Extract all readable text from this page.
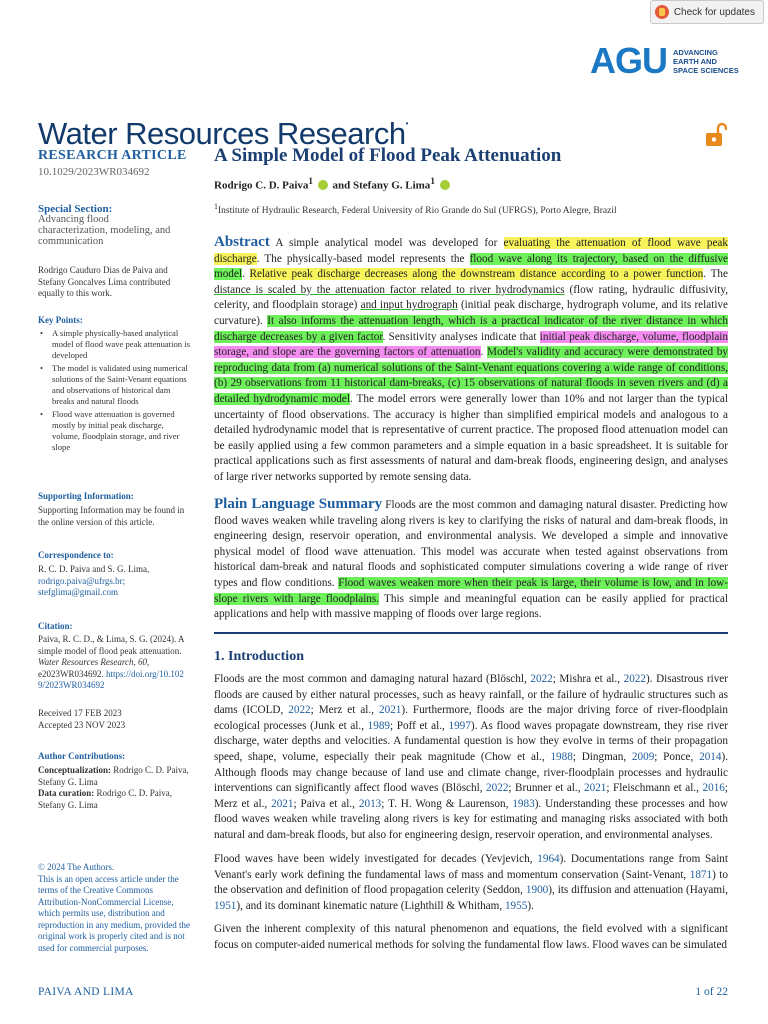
Check for updates
AGU ADVANCING
EARTH AND
SPACE SCIENCES
Water Resources Research•
RESEARCH ARTICLE
10.1029/2023WR034692
Special Section:
Advancing flood characterization, modeling, and communication
Rodrigo Cauduro Dias de Paiva and Stefany Goncalves Lima contributed equally to this work.
Key Points:
• A simple physically-based analytical model of flood wave peak attenuation is developed
• The model is validated using numerical solutions of the Saint-Venant equations and observations of historical dam breaks and natural floods
• Flood wave attenuation is governed mostly by initial peak discharge, volume, floodplain storage, and river slope
Supporting Information:
Supporting Information may be found in the online version of this article.
Correspondence to:
R. C. D. Paiva and S. G. Lima,
rodrigo.paiva@ufrgs.br;
stefglima@gmail.com
Citation:
Paiva, R. C. D., & Lima, S. G. (2024). A simple model of flood peak attenuation. Water Resources Research, 60, e2023WR034692. https://doi.org/10.1029/2023WR034692
Received 17 FEB 2023
Accepted 23 NOV 2023
Author Contributions:
Conceptualization: Rodrigo C. D. Paiva, Stefany G. Lima
Data curation: Rodrigo C. D. Paiva, Stefany G. Lima
© 2024 The Authors.
This is an open access article under the terms of the Creative Commons Attribution-NonCommercial License, which permits use, distribution and reproduction in any medium, provided the original work is properly cited and is not used for commercial purposes.
A Simple Model of Flood Peak Attenuation
Rodrigo C. D. Paiva$^1$ and Stefany G. Lima$^1$
$^1$Institute of Hydraulic Research, Federal University of Rio Grande do Sul (UFRGS), Porto Alegre, Brazil
Abstract A simple analytical model was developed for evaluating the attenuation of flood wave peak discharge. The physically-based model represents the flood wave along its trajectory, based on the diffusive model. Relative peak discharge decreases along the downstream distance according to a power function. The distance is scaled by the attenuation factor related to river hydrodynamics (flow rating, hydraulic diffusivity, celerity, and floodplain storage) and input hydrograph (initial peak discharge, hydrograph volume, and its relative curvature). It also informs the attenuation length, which is a practical indicator of the river distance in which discharge decreases by a given factor. Sensitivity analyses indicate that initial peak discharge, volume, floodplain storage, and slope are the governing factors of attenuation. Model's validity and accuracy were demonstrated by reproducing data from (a) numerical solutions of the Saint-Venant equations covering a wide range of conditions, (b) 29 observations from 11 historical dam-breaks, (c) 15 observations of natural floods in seven rivers and (d) a detailed hydrodynamic model. The model errors were generally lower than 10% and not larger than the typical uncertainty of flood observations. The accuracy is higher than simplified empirical models and analogous to a detailed hydrodynamic model that is representative of current practice. The proposed flood attenuation model can be easily applied using a few common parameters and a simple equation in a basic spreadsheet. It is suitable for practical applications such as first assessments of natural and dam-break floods, engineering design, and analyses of large river networks supported by remote sensing data.
Plain Language Summary Floods are the most common and damaging natural disaster. Predicting how flood waves weaken while traveling along rivers is key to clarifying the risks of natural and dam-break floods, in engineering design, reservoir operation, and environmental analysis. We developed a simple and innovative physical model of flood wave attenuation. This model was accurate when tested against observations from historical dam-break and natural floods and sophisticated computer simulations covering a wide range of river types and flow conditions. Flood waves weaken more when their peak is large, their volume is low, and in low-slope rivers with large floodplains. This simple and meaningful equation can be easily applied for practical applications and help with massive mapping of floods over large regions.
1. Introduction
Floods are the most common and damaging natural hazard (Blöschl, 2022; Mishra et al., 2022). Disastrous river floods are caused by either natural processes, such as heavy rainfall, or the failure of hydraulic structures such as dams (ICOLD, 2022; Merz et al., 2021). Furthermore, floods are the major driving force of river-floodplain ecological processes (Junk et al., 1989; Poff et al., 1997). As flood waves propagate downstream, they rise river discharge, water depths and velocities. A fundamental question is how they evolve in terms of their propagation speed, shape, volume, especially their peak magnitude (Chow et al., 1988; Dingman, 2009; Ponce, 2014). Although floods may change because of land use and climate change, river-floodplain processes and hydraulic interventions can significantly affect flood waves (Blöschl, 2022; Brunner et al., 2021; Fleischmann et al., 2016; Merz et al., 2021; Paiva et al., 2013; T. H. Wong & Laurenson, 1983). Understanding these processes and how flood waves weaken while traveling along rivers is key for estimating and managing risks associated with both natural and dam-break floods, but also for engineering design, reservoir operation, and environmental analyses.
Flood waves have been widely investigated for decades (Yevjevich, 1964). Documentations range from Saint Venant's early work defining the fundamental laws of mass and momentum conservation (Saint-Venant, 1871) to the observation and definition of flood propagation celerity (Seddon, 1900), its diffusion and attenuation (Hayami, 1951), and its dominant kinematic nature (Lighthill & Whitham, 1955).
Given the inherent complexity of this natural phenomenon and equations, the field evolved with a significant focus on computer-aided numerical methods for solving the fundamental flow laws. Flood waves can be simulated
PAIVA AND LIMA	1 of 22
